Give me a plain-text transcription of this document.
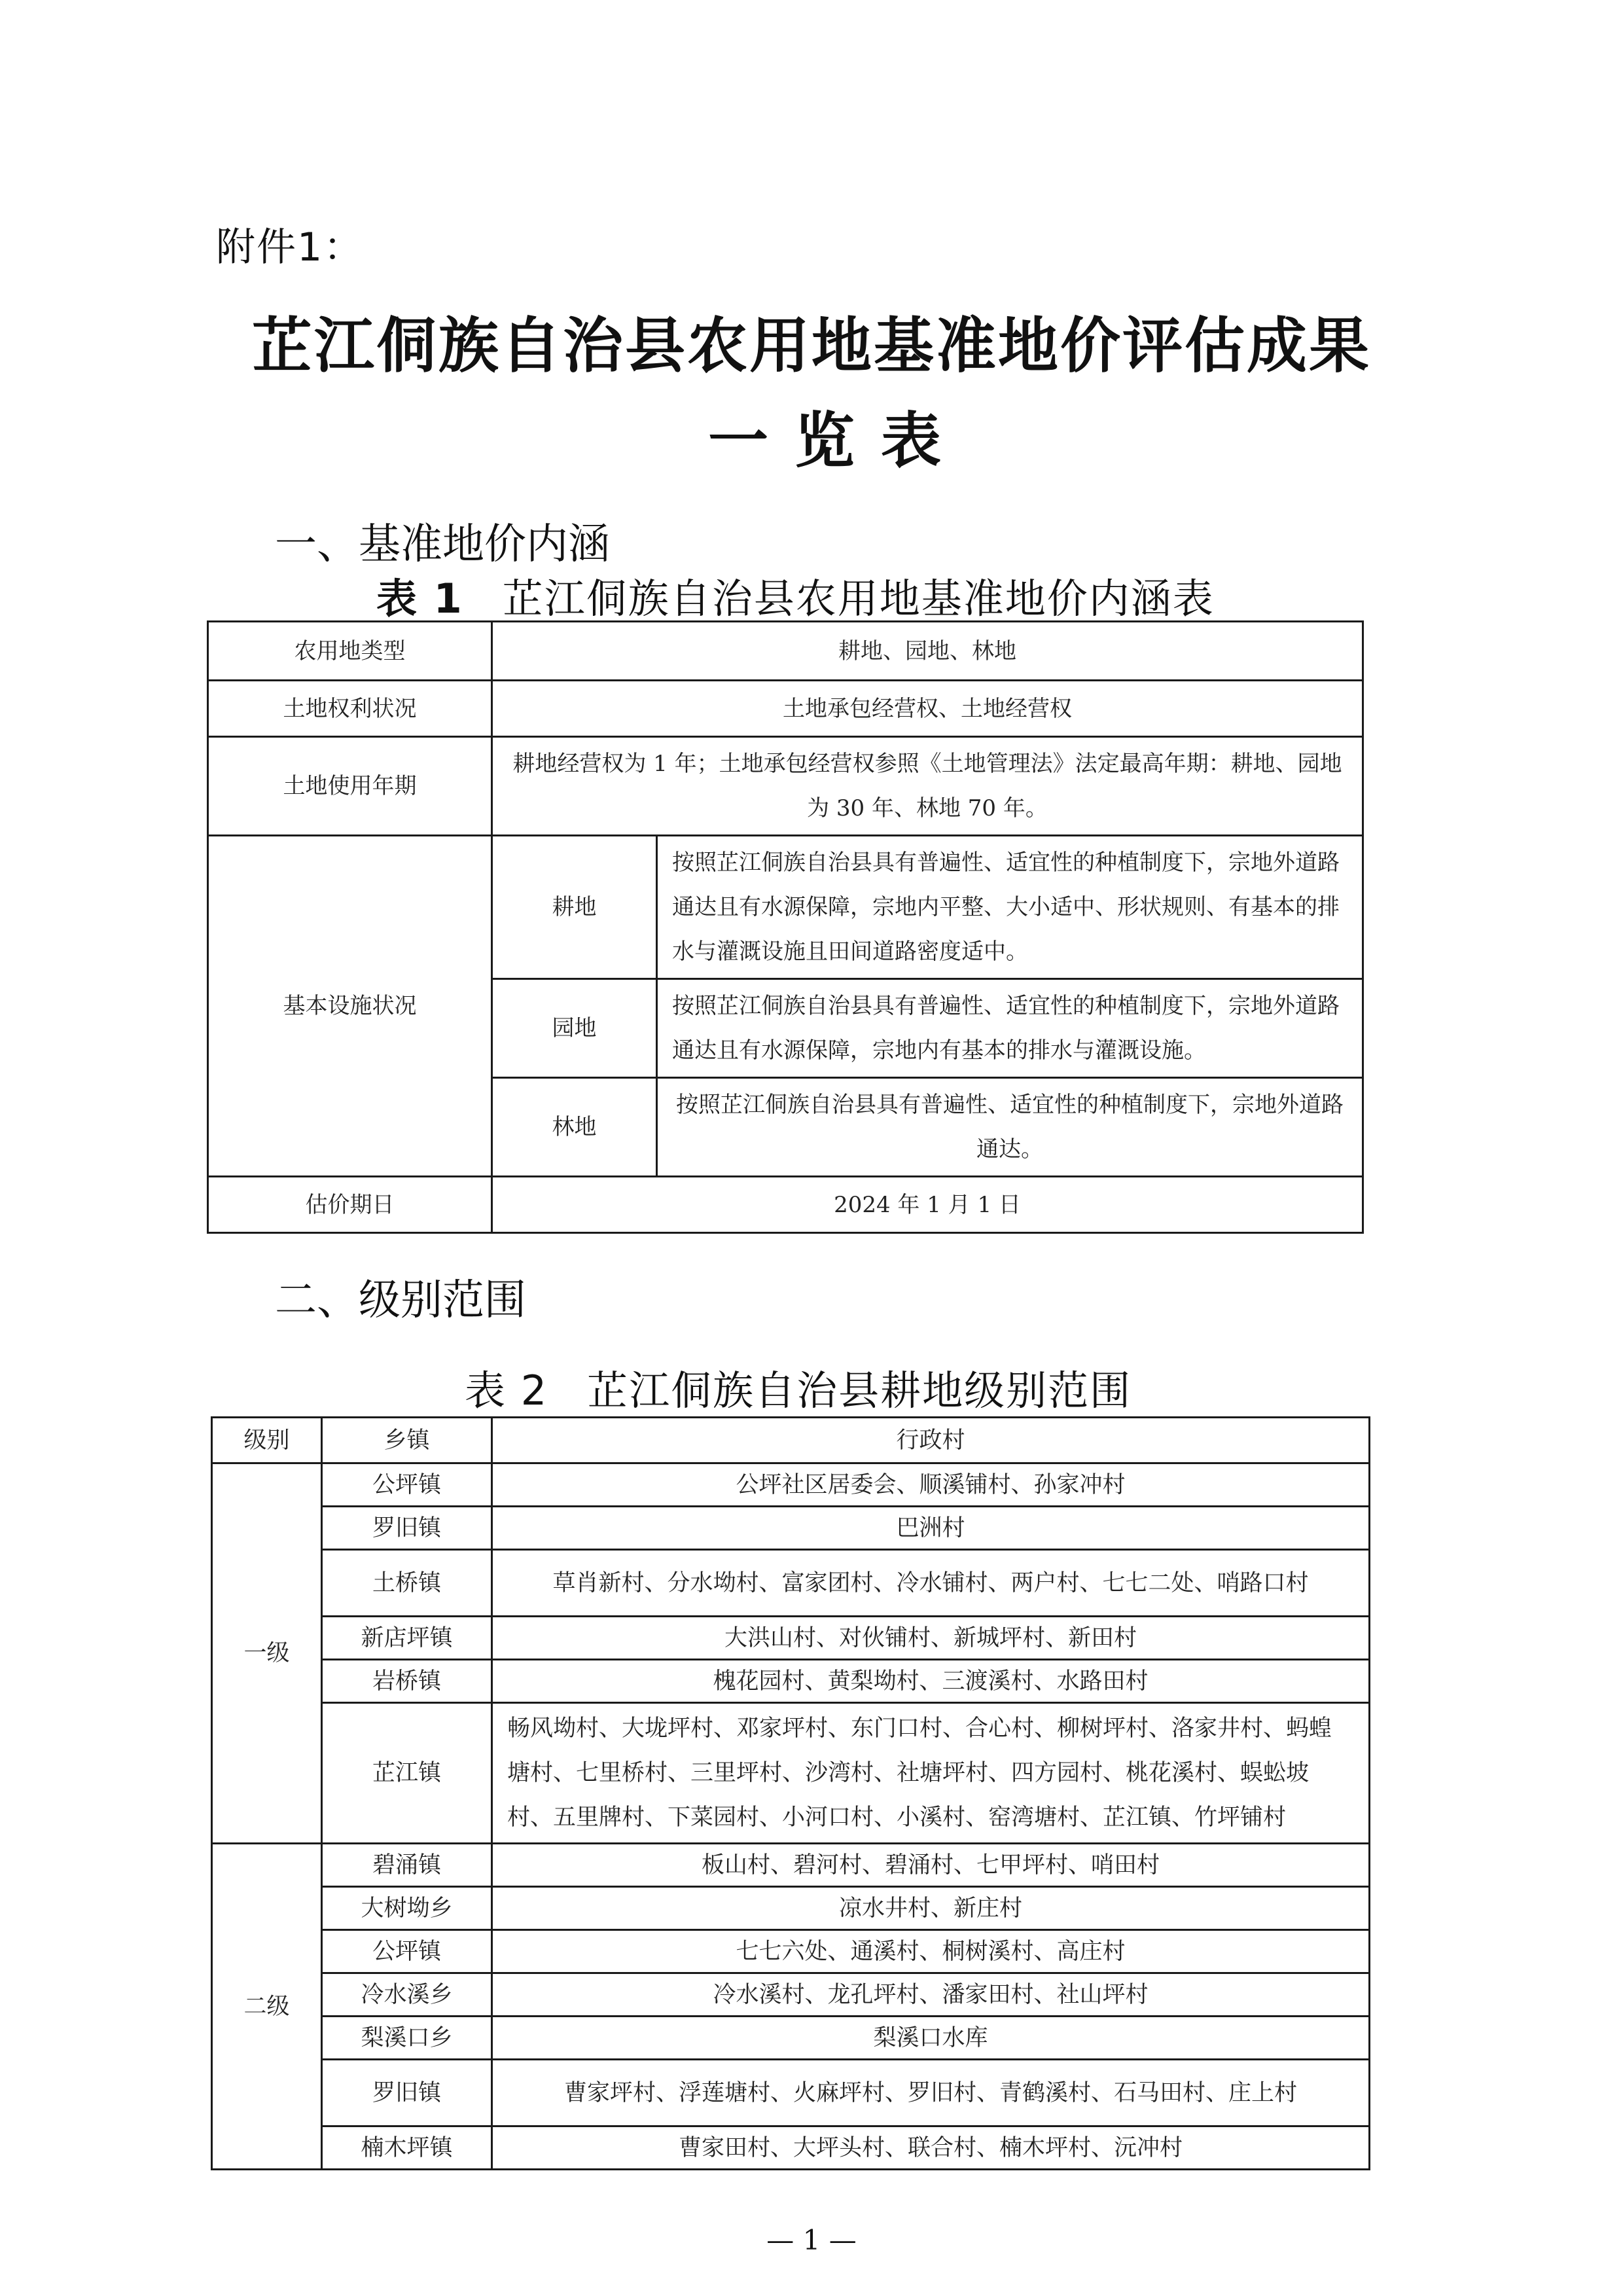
附件1：
芷江侗族自治县农用地基准地价评估成果
一览表
一、基准地价内涵
表 1 芷江侗族自治县农用地基准地价内涵表
农用地类型	耕地、园地、林地	
土地权利状况	土地承包经营权、土地经营权	
土地使用年期	耕地经营权为 1 年；土地承包经营权参照《土地管理法》法定最高年期：耕地、园地为 30 年、林地 70 年。	
基本设施状况	耕地	按照芷江侗族自治县具有普遍性、适宜性的种植制度下，宗地外道路通达且有水源保障，宗地内平整、大小适中、形状规则、有基本的排水与灌溉设施且田间道路密度适中。
	园地	按照芷江侗族自治县具有普遍性、适宜性的种植制度下，宗地外道路通达且有水源保障，宗地内有基本的排水与灌溉设施。
	林地	按照芷江侗族自治县具有普遍性、适宜性的种植制度下，宗地外道路通达。
估价期日	2024 年 1 月 1 日	
二、级别范围
表 2 芷江侗族自治县耕地级别范围
级别	乡镇	行政村
一级	公坪镇	公坪社区居委会、顺溪铺村、孙家冲村
	罗旧镇	巴洲村
	土桥镇	草肖新村、分水坳村、富家团村、冷水铺村、两户村、七七二处、哨路口村
	新店坪镇	大洪山村、对伙铺村、新城坪村、新田村
	岩桥镇	槐花园村、黄梨坳村、三渡溪村、水路田村
	芷江镇	畅风坳村、大垅坪村、邓家坪村、东门口村、合心村、柳树坪村、洛家井村、蚂蝗塘村、七里桥村、三里坪村、沙湾村、社塘坪村、四方园村、桃花溪村、蜈蚣坡村、五里牌村、下菜园村、小河口村、小溪村、窑湾塘村、芷江镇、竹坪铺村
二级	碧涌镇	板山村、碧河村、碧涌村、七甲坪村、哨田村
	大树坳乡	凉水井村、新庄村
	公坪镇	七七六处、通溪村、桐树溪村、高庄村
	冷水溪乡	冷水溪村、龙孔坪村、潘家田村、社山坪村
	梨溪口乡	梨溪口水库
	罗旧镇	曹家坪村、浮莲塘村、火麻坪村、罗旧村、青鹤溪村、石马田村、庄上村
	楠木坪镇	曹家田村、大坪头村、联合村、楠木坪村、沅冲村
— 1 —
